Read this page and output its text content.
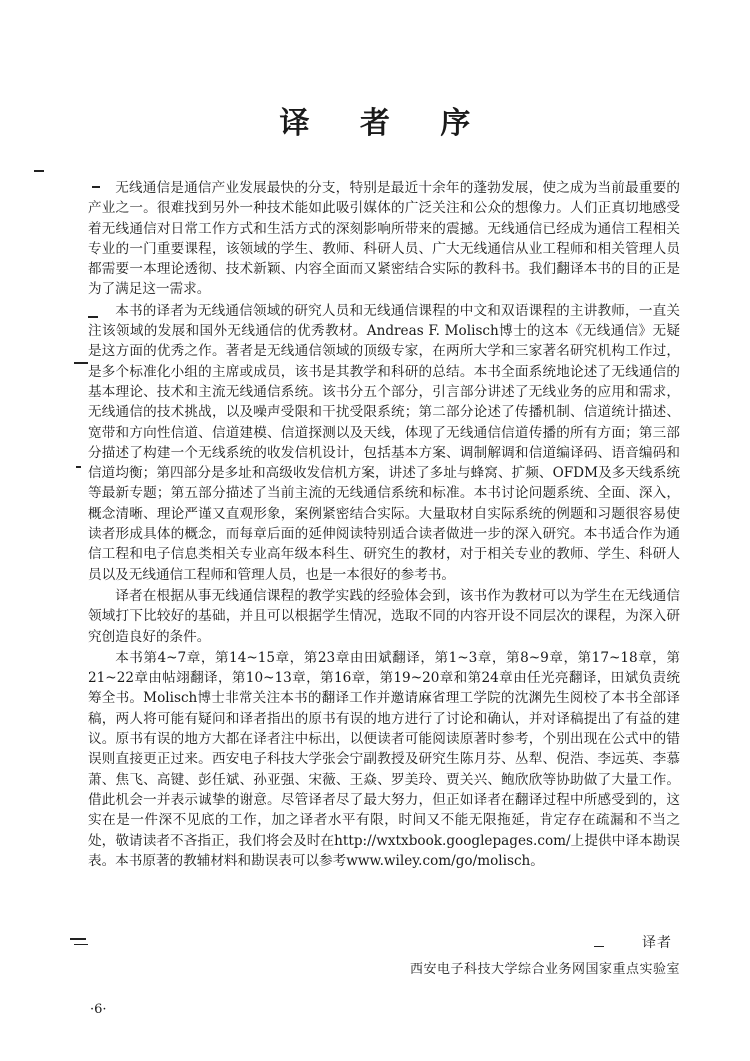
译 者 序

无线通信是通信产业发展最快的分支，特别是最近十余年的蓬勃发展，使之成为当前最重要的产业之一。很难找到另外一种技术能如此吸引媒体的广泛关注和公众的想像力。人们正真切地感受着无线通信对日常工作方式和生活方式的深刻影响所带来的震撼。无线通信已经成为通信工程相关专业的一门重要课程，该领域的学生、教师、科研人员、广大无线通信从业工程师和相关管理人员都需要一本理论透彻、技术新颖、内容全面而又紧密结合实际的教科书。我们翻译本书的目的正是为了满足这一需求。

本书的译者为无线通信领域的研究人员和无线通信课程的中文和双语课程的主讲教师，一直关注该领域的发展和国外无线通信的优秀教材。Andreas F. Molisch博士的这本《无线通信》无疑是这方面的优秀之作。著者是无线通信领域的顶级专家，在两所大学和三家著名研究机构工作过，是多个标准化小组的主席或成员，该书是其教学和科研的总结。本书全面系统地论述了无线通信的基本理论、技术和主流无线通信系统。该书分五个部分，引言部分讲述了无线业务的应用和需求，无线通信的技术挑战，以及噪声受限和干扰受限系统；第二部分论述了传播机制、信道统计描述、宽带和方向性信道、信道建模、信道探测以及天线，体现了无线通信信道传播的所有方面；第三部分描述了构建一个无线系统的收发信机设计，包括基本方案、调制解调和信道编译码、语音编码和信道均衡；第四部分是多址和高级收发信机方案，讲述了多址与蜂窝、扩频、OFDM及多天线系统等最新专题；第五部分描述了当前主流的无线通信系统和标准。本书讨论问题系统、全面、深入，概念清晰、理论严谨又直观形象，案例紧密结合实际。大量取材自实际系统的例题和习题很容易使读者形成具体的概念，而每章后面的延伸阅读特别适合读者做进一步的深入研究。本书适合作为通信工程和电子信息类相关专业高年级本科生、研究生的教材，对于相关专业的教师、学生、科研人员以及无线通信工程师和管理人员，也是一本很好的参考书。

译者在根据从事无线通信课程的教学实践的经验体会到，该书作为教材可以为学生在无线通信领域打下比较好的基础，并且可以根据学生情况，选取不同的内容开设不同层次的课程，为深入研究创造良好的条件。

本书第4~7章，第14~15章，第23章由田斌翻译，第1~3章，第8~9章，第17~18章，第21~22章由帖翊翻译，第10~13章，第16章，第19~20章和第24章由任光亮翻译，田斌负责统筹全书。Molisch博士非常关注本书的翻译工作并邀请麻省理工学院的沈渊先生阅校了本书全部译稿，两人将可能有疑问和译者指出的原书有误的地方进行了讨论和确认，并对译稿提出了有益的建议。原书有误的地方大都在译者注中标出，以便读者可能阅读原著时参考，个别出现在公式中的错误则直接更正过来。西安电子科技大学张会宁副教授及研究生陈月芬、丛犁、倪浩、李远英、李慕萧、焦飞、高键、彭任斌、孙亚强、宋薇、王焱、罗美玲、贾关兴、鲍欣欣等协助做了大量工作。借此机会一并表示诚挚的谢意。尽管译者尽了最大努力，但正如译者在翻译过程中所感受到的，这实在是一件深不见底的工作，加之译者水平有限，时间又不能无限拖延，肯定存在疏漏和不当之处，敬请读者不吝指正，我们将会及时在http://wxtxbook.googlepages.com/上提供中译本勘误表。本书原著的教辅材料和勘误表可以参考www.wiley.com/go/molisch。

译者
西安电子科技大学综合业务网国家重点实验室
·6·
